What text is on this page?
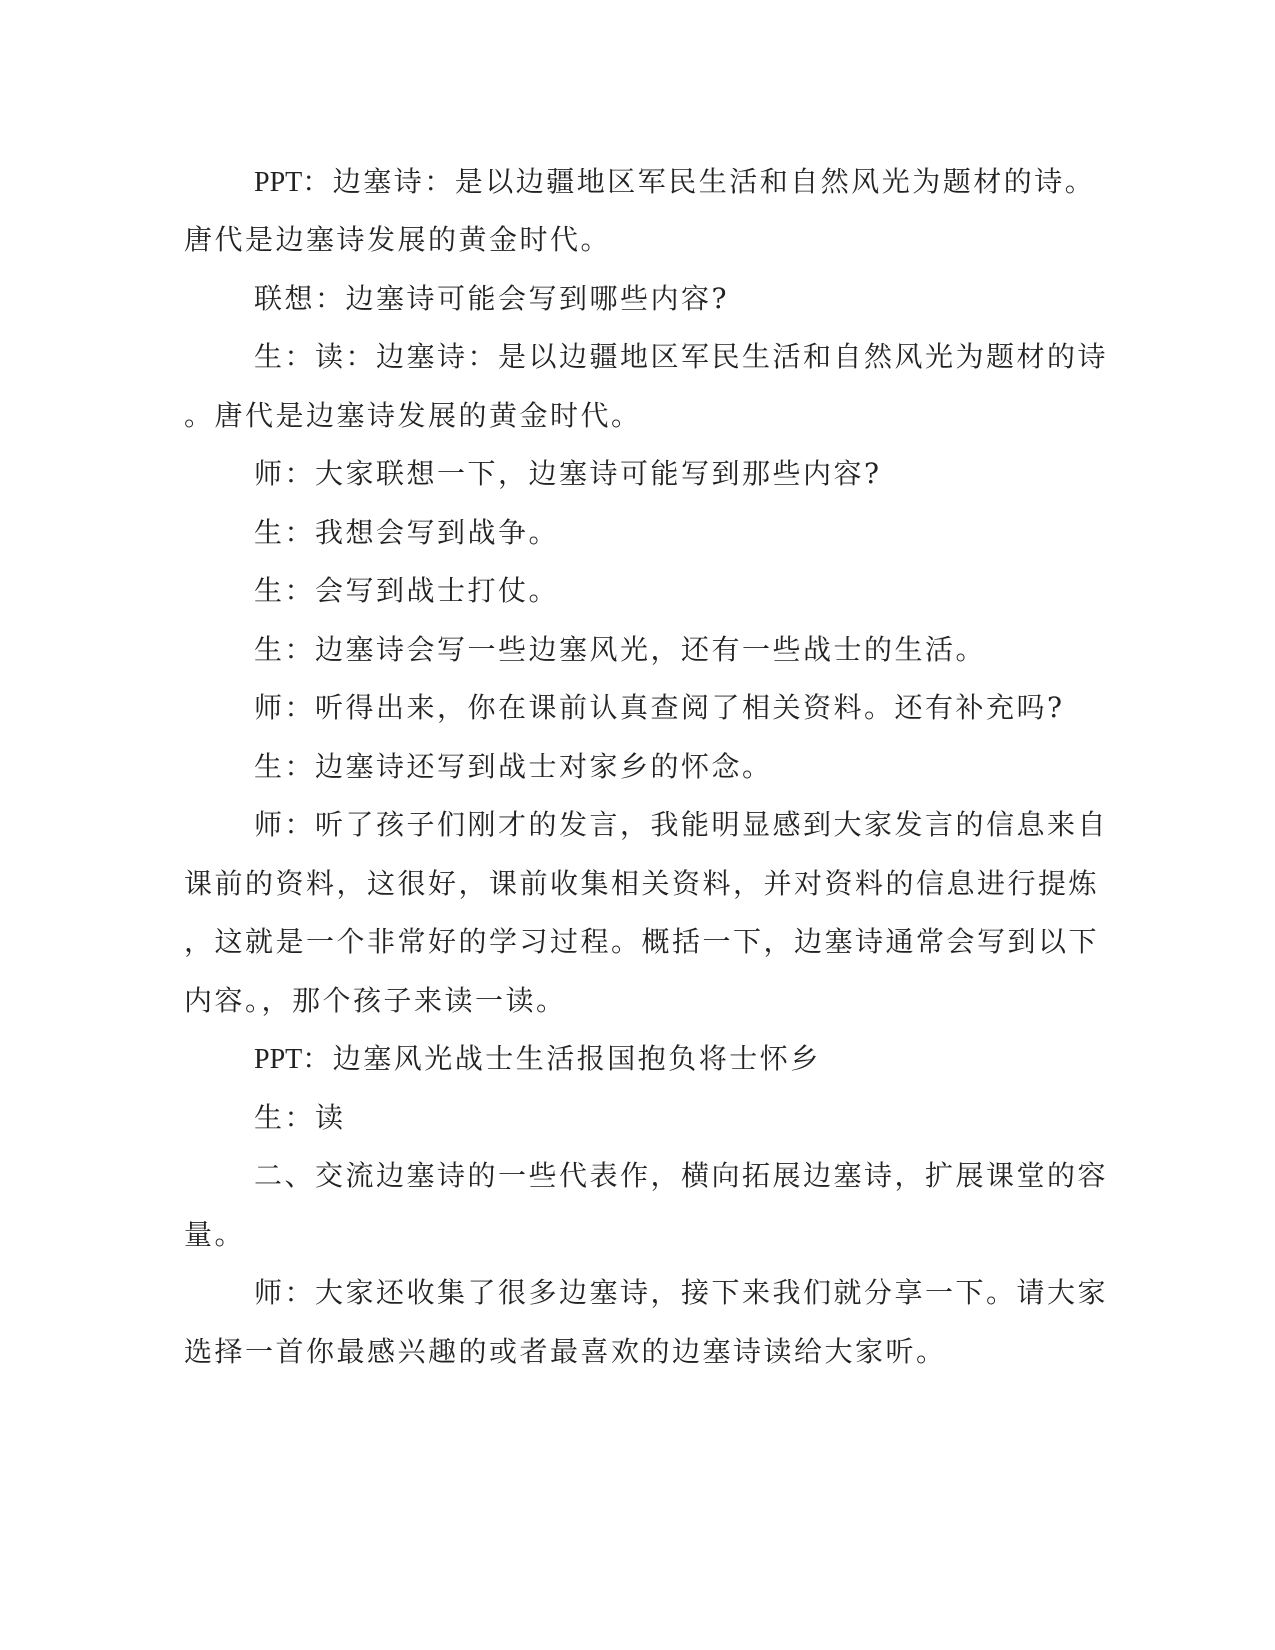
PPT：边塞诗：是以边疆地区军民生活和自然风光为题材的诗。
唐代是边塞诗发展的黄金时代。
联想：边塞诗可能会写到哪些内容?
生：读：边塞诗：是以边疆地区军民生活和自然风光为题材的诗
。唐代是边塞诗发展的黄金时代。
师：大家联想一下，边塞诗可能写到那些内容?
生：我想会写到战争。
生：会写到战士打仗。
生：边塞诗会写一些边塞风光，还有一些战士的生活。
师：听得出来，你在课前认真查阅了相关资料。还有补充吗?
生：边塞诗还写到战士对家乡的怀念。
师：听了孩子们刚才的发言，我能明显感到大家发言的信息来自
课前的资料，这很好，课前收集相关资料，并对资料的信息进行提炼
，这就是一个非常好的学习过程。概括一下，边塞诗通常会写到以下
内容。，那个孩子来读一读。
PPT：边塞风光战士生活报国抱负将士怀乡
生：读
二、交流边塞诗的一些代表作，横向拓展边塞诗，扩展课堂的容
量。
师：大家还收集了很多边塞诗，接下来我们就分享一下。请大家
选择一首你最感兴趣的或者最喜欢的边塞诗读给大家听。
